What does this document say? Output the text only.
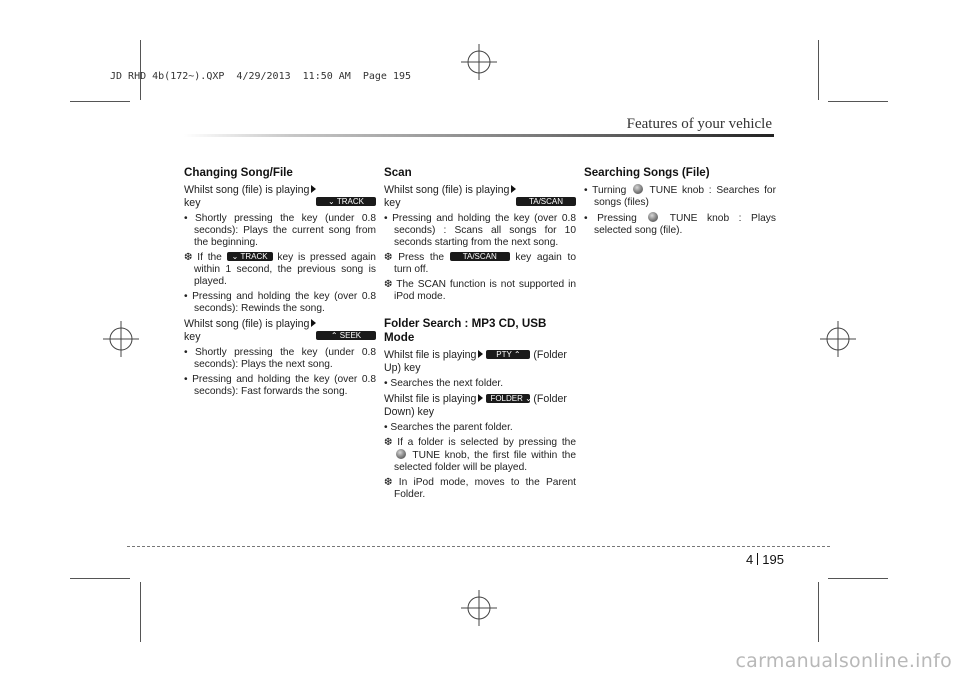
JD RHD 4b(172~).QXP  4/29/2013  11:50 AM  Page 195
Features of your vehicle
Changing Song/File
Whilst song (file) is playing
⌄ TRACK

key
• Shortly pressing the key (under 0.8 seconds): Plays the current song from the beginning.
❆ If the ⌄ TRACK key is pressed again within 1 second, the previous song is played.
• Pressing and holding the key (over 0.8 seconds): Rewinds the song.
Whilst song (file) is playing
⌃ SEEK

key
• Shortly pressing the key (under 0.8 seconds): Plays the next song.
• Pressing and holding the key (over 0.8 seconds): Fast forwards the song.
Scan
Whilst song (file) is playing
TA/SCAN

key
• Pressing and holding the key (over 0.8 seconds) : Scans all songs for 10 seconds starting from the next song.
❆ Press the TA/SCAN key again to turn off.
❆ The SCAN function is not supported in iPod mode.
Folder Search : MP3 CD, USB Mode
Whilst file is playing PTY ⌃ (Folder Up) key
• Searches the next folder.
Whilst file is playing FOLDER ⌄ (Folder Down) key
• Searches the parent folder.
❆ If a folder is selected by pressing the  TUNE knob, the first file within the selected folder will be played.
❆ In iPod mode, moves to the Parent Folder.
Searching Songs (File)
• Turning TUNE knob : Searches for songs (files)
• Pressing	TUNE knob : Plays selected song (file).
4 195
carmanualsonline.info
